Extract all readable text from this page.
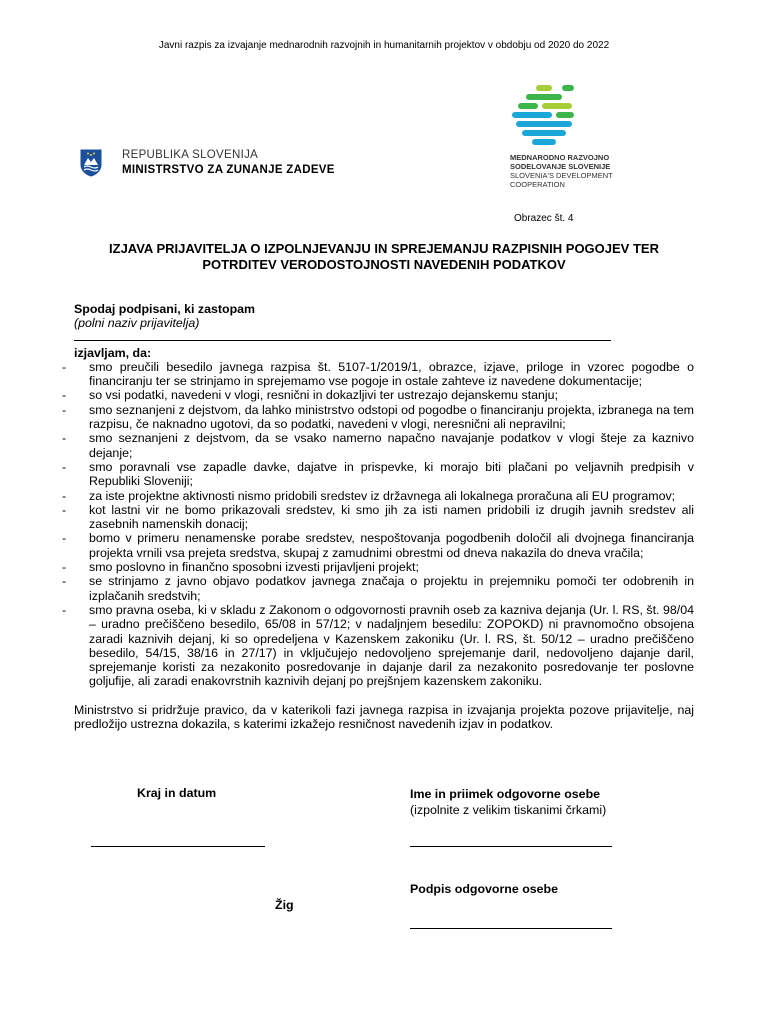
Javni razpis za izvajanje mednarodnih razvojnih in humanitarnih projektov v obdobju od 2020 do 2022
REPUBLIKA SLOVENIJA
MINISTRSTVO ZA ZUNANJE ZADEVE
MEDNARODNO RAZVOJNO
SODELOVANJE SLOVENIJE
SLOVENIA'S DEVELOPMENT
COOPERATION
Obrazec št. 4
IZJAVA PRIJAVITELJA O IZPOLNJEVANJU IN SPREJEMANJU RAZPISNIH POGOJEV TER POTRDITEV VERODOSTOJNOSTI NAVEDENIH PODATKOV
Spodaj podpisani, ki zastopam
(polni naziv prijavitelja)
izjavljam, da:
- smo preučili besedilo javnega razpisa št. 5107-1/2019/1, obrazce, izjave, priloge in vzorec pogodbe o financiranju ter se strinjamo in sprejemamo vse pogoje in ostale zahteve iz navedene dokumentacije;
- so vsi podatki, navedeni v vlogi, resnični in dokazljivi ter ustrezajo dejanskemu stanju;
- smo seznanjeni z dejstvom, da lahko ministrstvo odstopi od pogodbe o financiranju projekta, izbranega na tem razpisu, če naknadno ugotovi, da so podatki, navedeni v vlogi, neresnični ali nepravilni;
- smo seznanjeni z dejstvom, da se vsako namerno napačno navajanje podatkov v vlogi šteje za kaznivo dejanje;
- smo poravnali vse zapadle davke, dajatve in prispevke, ki morajo biti plačani po veljavnih predpisih v Republiki Sloveniji;
- za iste projektne aktivnosti nismo pridobili sredstev iz državnega ali lokalnega proračuna ali EU programov;
- kot lastni vir ne bomo prikazovali sredstev, ki smo jih za isti namen pridobili iz drugih javnih sredstev ali zasebnih namenskih donacij;
- bomo v primeru nenamenske porabe sredstev, nespoštovanja pogodbenih določil ali dvojnega financiranja projekta vrnili vsa prejeta sredstva, skupaj z zamudnimi obrestmi od dneva nakazila do dneva vračila;
- smo poslovno in finančno sposobni izvesti prijavljeni projekt;
- se strinjamo z javno objavo podatkov javnega značaja o projektu in prejemniku pomoči ter odobrenih in izplačanih sredstvih;
- smo pravna oseba, ki v skladu z Zakonom o odgovornosti pravnih oseb za kazniva dejanja (Ur. l. RS, št. 98/04 – uradno prečiščeno besedilo, 65/08 in 57/12; v nadaljnjem besedilu: ZOPOKD) ni pravnomočno obsojena zaradi kaznivih dejanj, ki so opredeljena v Kazenskem zakoniku (Ur. l. RS, št. 50/12 – uradno prečiščeno besedilo, 54/15, 38/16 in 27/17) in vključujejo nedovoljeno sprejemanje daril, nedovoljeno dajanje daril, sprejemanje koristi za nezakonito posredovanje in dajanje daril za nezakonito posredovanje ter poslovne goljufije, ali zaradi enakovrstnih kaznivih dejanj po prejšnjem kazenskem zakoniku.
Ministrstvo si pridržuje pravico, da v katerikoli fazi javnega razpisa in izvajanja projekta pozove prijavitelje, naj predložijo ustrezna dokazila, s katerimi izkažejo resničnost navedenih izjav in podatkov.
Kraj in datum	Ime in priimek odgovorne osebe
(izpolnite z velikim tiskanimi črkami)
Podpis odgovorne osebe
Žig
